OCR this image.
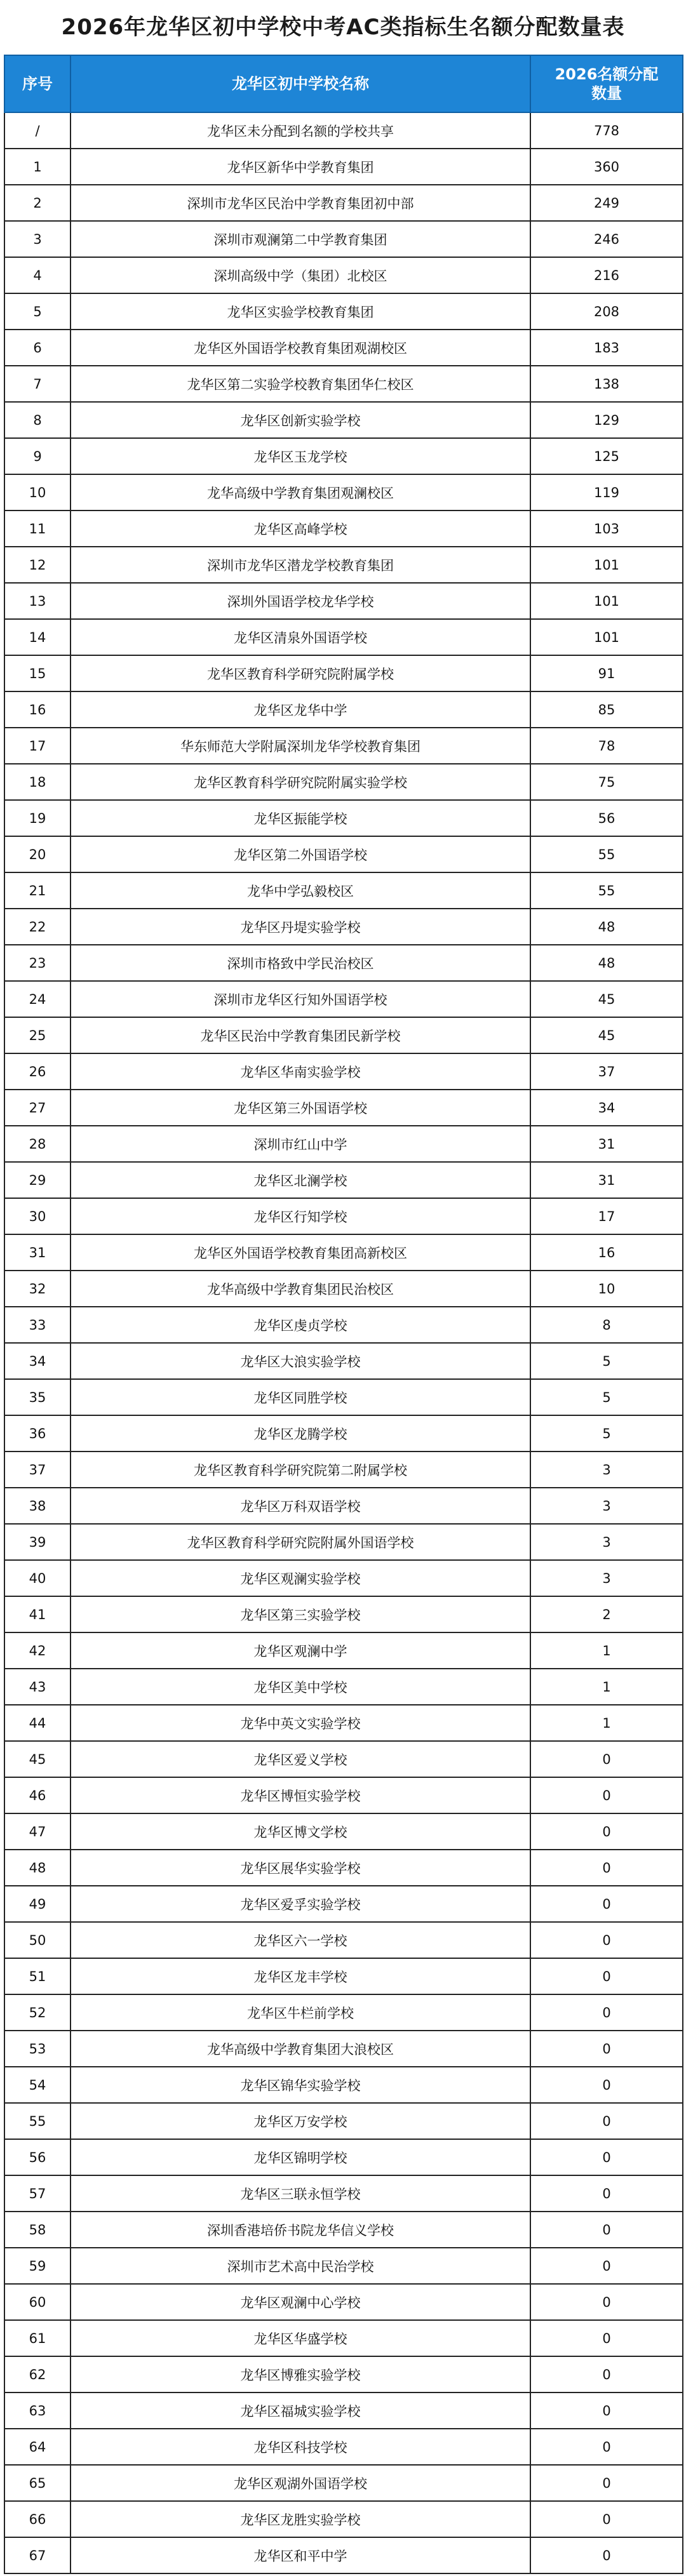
2026年龙华区初中学校中考AC类指标生名额分配数量表
序号	龙华区初中学校名称	2026名额分配
数量
/	龙华区未分配到名额的学校共享	778
1	龙华区新华中学教育集团	360
2	深圳市龙华区民治中学教育集团初中部	249
3	深圳市观澜第二中学教育集团	246
4	深圳高级中学（集团）北校区	216
5	龙华区实验学校教育集团	208
6	龙华区外国语学校教育集团观湖校区	183
7	龙华区第二实验学校教育集团华仁校区	138
8	龙华区创新实验学校	129
9	龙华区玉龙学校	125
10	龙华高级中学教育集团观澜校区	119
11	龙华区高峰学校	103
12	深圳市龙华区潜龙学校教育集团	101
13	深圳外国语学校龙华学校	101
14	龙华区清泉外国语学校	101
15	龙华区教育科学研究院附属学校	91
16	龙华区龙华中学	85
17	华东师范大学附属深圳龙华学校教育集团	78
18	龙华区教育科学研究院附属实验学校	75
19	龙华区振能学校	56
20	龙华区第二外国语学校	55
21	龙华中学弘毅校区	55
22	龙华区丹堤实验学校	48
23	深圳市格致中学民治校区	48
24	深圳市龙华区行知外国语学校	45
25	龙华区民治中学教育集团民新学校	45
26	龙华区华南实验学校	37
27	龙华区第三外国语学校	34
28	深圳市红山中学	31
29	龙华区北澜学校	31
30	龙华区行知学校	17
31	龙华区外国语学校教育集团高新校区	16
32	龙华高级中学教育集团民治校区	10
33	龙华区虔贞学校	8
34	龙华区大浪实验学校	5
35	龙华区同胜学校	5
36	龙华区龙腾学校	5
37	龙华区教育科学研究院第二附属学校	3
38	龙华区万科双语学校	3
39	龙华区教育科学研究院附属外国语学校	3
40	龙华区观澜实验学校	3
41	龙华区第三实验学校	2
42	龙华区观澜中学	1
43	龙华区美中学校	1
44	龙华中英文实验学校	1
45	龙华区爱义学校	0
46	龙华区博恒实验学校	0
47	龙华区博文学校	0
48	龙华区展华实验学校	0
49	龙华区爱孚实验学校	0
50	龙华区六一学校	0
51	龙华区龙丰学校	0
52	龙华区牛栏前学校	0
53	龙华高级中学教育集团大浪校区	0
54	龙华区锦华实验学校	0
55	龙华区万安学校	0
56	龙华区锦明学校	0
57	龙华区三联永恒学校	0
58	深圳香港培侨书院龙华信义学校	0
59	深圳市艺术高中民治学校	0
60	龙华区观澜中心学校	0
61	龙华区华盛学校	0
62	龙华区博雅实验学校	0
63	龙华区福城实验学校	0
64	龙华区科技学校	0
65	龙华区观湖外国语学校	0
66	龙华区龙胜实验学校	0
67	龙华区和平中学	0
